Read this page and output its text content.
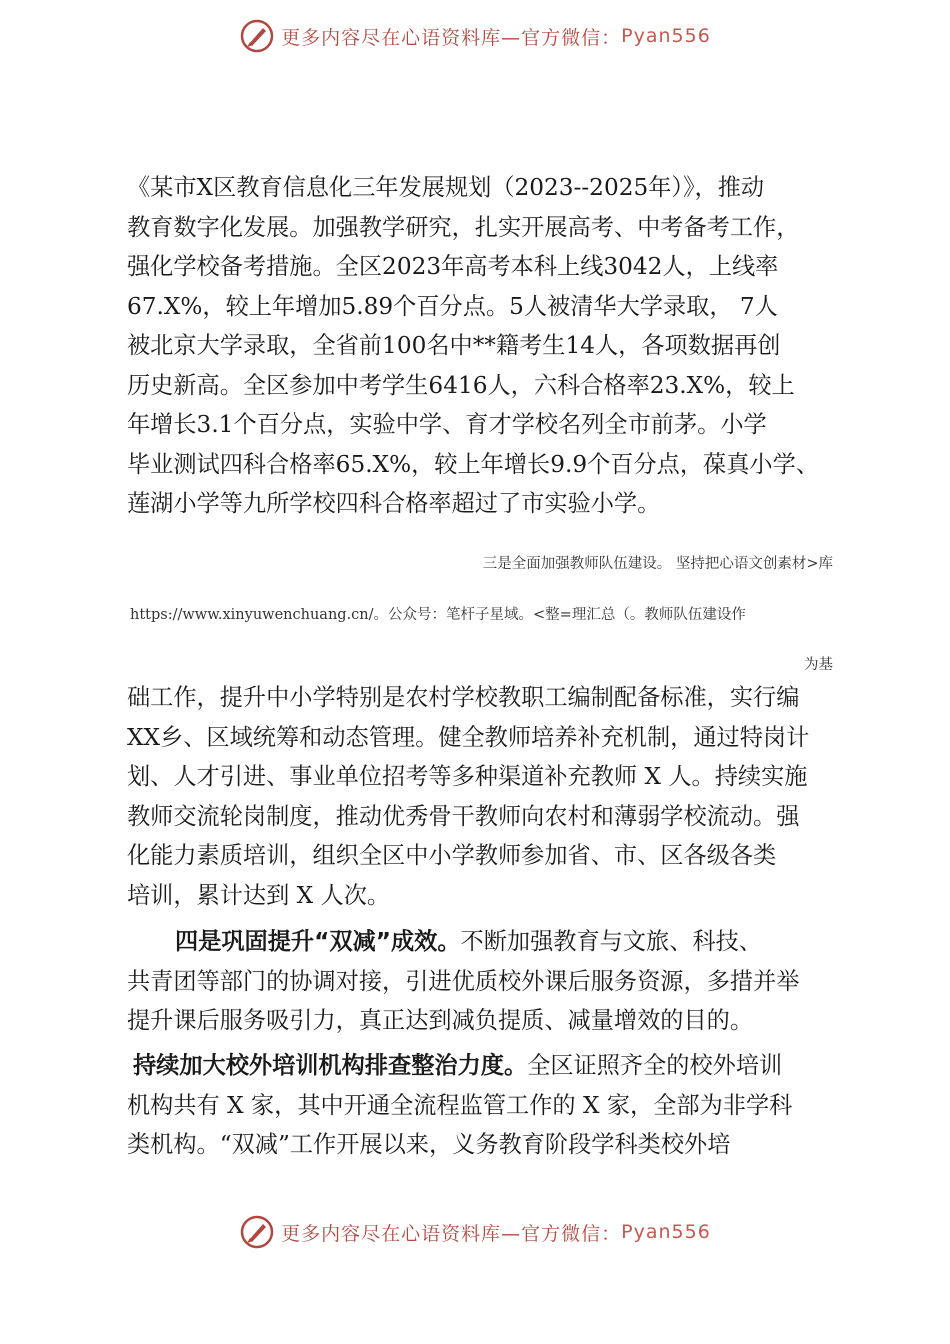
更多内容尽在心语资料库—官方微信： Pyan556
《某市X区教育信息化三年发展规划（2023--2025年）》，推动
教育数字化发展。加强教学研究，扎实开展高考、中考备考工作，
强化学校备考措施。全区2023年高考本科上线3042人，上线率
67.X%，较上年增加5.89个百分点。5人被清华大学录取， 7人
被北京大学录取，全省前100名中**籍考生14人，各项数据再创
历史新高。全区参加中考学生6416人，六科合格率23.X%，较上
年增长3.1个百分点，实验中学、育才学校名列全市前茅。小学
毕业测试四科合格率65.X%，较上年增长9.9个百分点，葆真小学、
莲湖小学等九所学校四科合格率超过了市实验小学。
三是全面加强教师队伍建设。 坚持把心语文创素材>库
https://www.xinyuwenchuang.cn/。公众号：笔杆子星域。<整=理汇总（。教师队伍建设作
为基
础工作，提升中小学特别是农村学校教职工编制配备标准，实行编
XX乡、区域统筹和动态管理。健全教师培养补充机制，通过特岗计
划、人才引进、事业单位招考等多种渠道补充教师 X 人。持续实施
教师交流轮岗制度，推动优秀骨干教师向农村和薄弱学校流动。强
化能力素质培训，组织全区中小学教师参加省、市、区各级各类
培训，累计达到 X 人次。
四是巩固提升“双减”成效。不断加强教育与文旅、科技、
共青团等部门的协调对接，引进优质校外课后服务资源，多措并举
提升课后服务吸引力，真正达到减负提质、减量增效的目的。
持续加大校外培训机构排查整治力度。全区证照齐全的校外培训
机构共有 X 家，其中开通全流程监管工作的 X 家，全部为非学科
类机构。“双减”工作开展以来，义务教育阶段学科类校外培
更多内容尽在心语资料库—官方微信： Pyan556
